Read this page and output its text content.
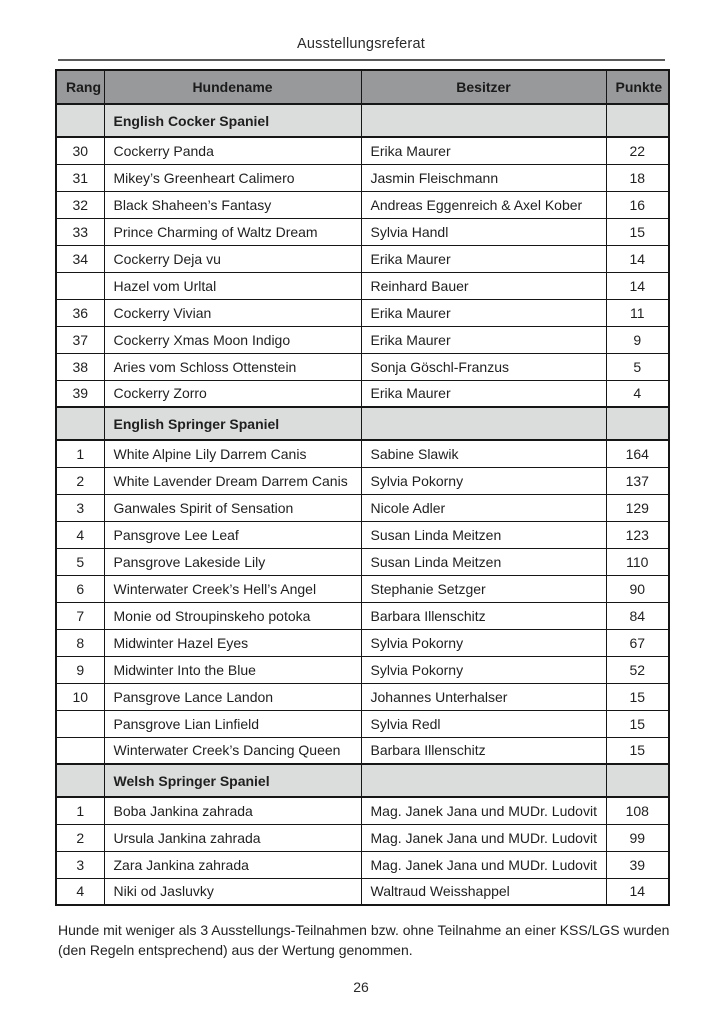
Ausstellungsreferat
Rang	Hundename	Besitzer	Punkte
	English Cocker Spaniel		
30	Cockerry Panda	Erika Maurer	22
31	Mikey’s Greenheart Calimero	Jasmin Fleischmann	18
32	Black Shaheen’s Fantasy	Andreas Eggenreich & Axel Kober	16
33	Prince Charming of Waltz Dream	Sylvia Handl	15
34	Cockerry Deja vu	Erika Maurer	14
	Hazel vom Urltal	Reinhard Bauer	14
36	Cockerry Vivian	Erika Maurer	11
37	Cockerry Xmas Moon Indigo	Erika Maurer	9
38	Aries vom Schloss Ottenstein	Sonja Göschl-Franzus	5
39	Cockerry Zorro	Erika Maurer	4
	English Springer Spaniel		
1	White Alpine Lily Darrem Canis	Sabine Slawik	164
2	White Lavender Dream Darrem Canis	Sylvia Pokorny	137
3	Ganwales Spirit of Sensation	Nicole Adler	129
4	Pansgrove Lee Leaf	Susan Linda Meitzen	123
5	Pansgrove Lakeside Lily	Susan Linda Meitzen	110
6	Winterwater Creek’s Hell’s Angel	Stephanie Setzger	90
7	Monie od Stroupinskeho potoka	Barbara Illenschitz	84
8	Midwinter Hazel Eyes	Sylvia Pokorny	67
9	Midwinter Into the Blue	Sylvia Pokorny	52
10	Pansgrove Lance Landon	Johannes Unterhalser	15
	Pansgrove Lian Linfield	Sylvia Redl	15
	Winterwater Creek’s Dancing Queen	Barbara Illenschitz	15
	Welsh Springer Spaniel		
1	Boba Jankina zahrada	Mag. Janek Jana und MUDr. Ludovit	108
2	Ursula Jankina zahrada	Mag. Janek Jana und MUDr. Ludovit	99
3	Zara Jankina zahrada	Mag. Janek Jana und MUDr. Ludovit	39
4	Niki od Jasluvky	Waltraud Weisshappel	14

Hunde mit weniger als 3 Ausstellungs-Teilnahmen bzw. ohne Teilnahme an einer KSS/LGS wurden (den Regeln entsprechend) aus der Wertung genommen.

26
